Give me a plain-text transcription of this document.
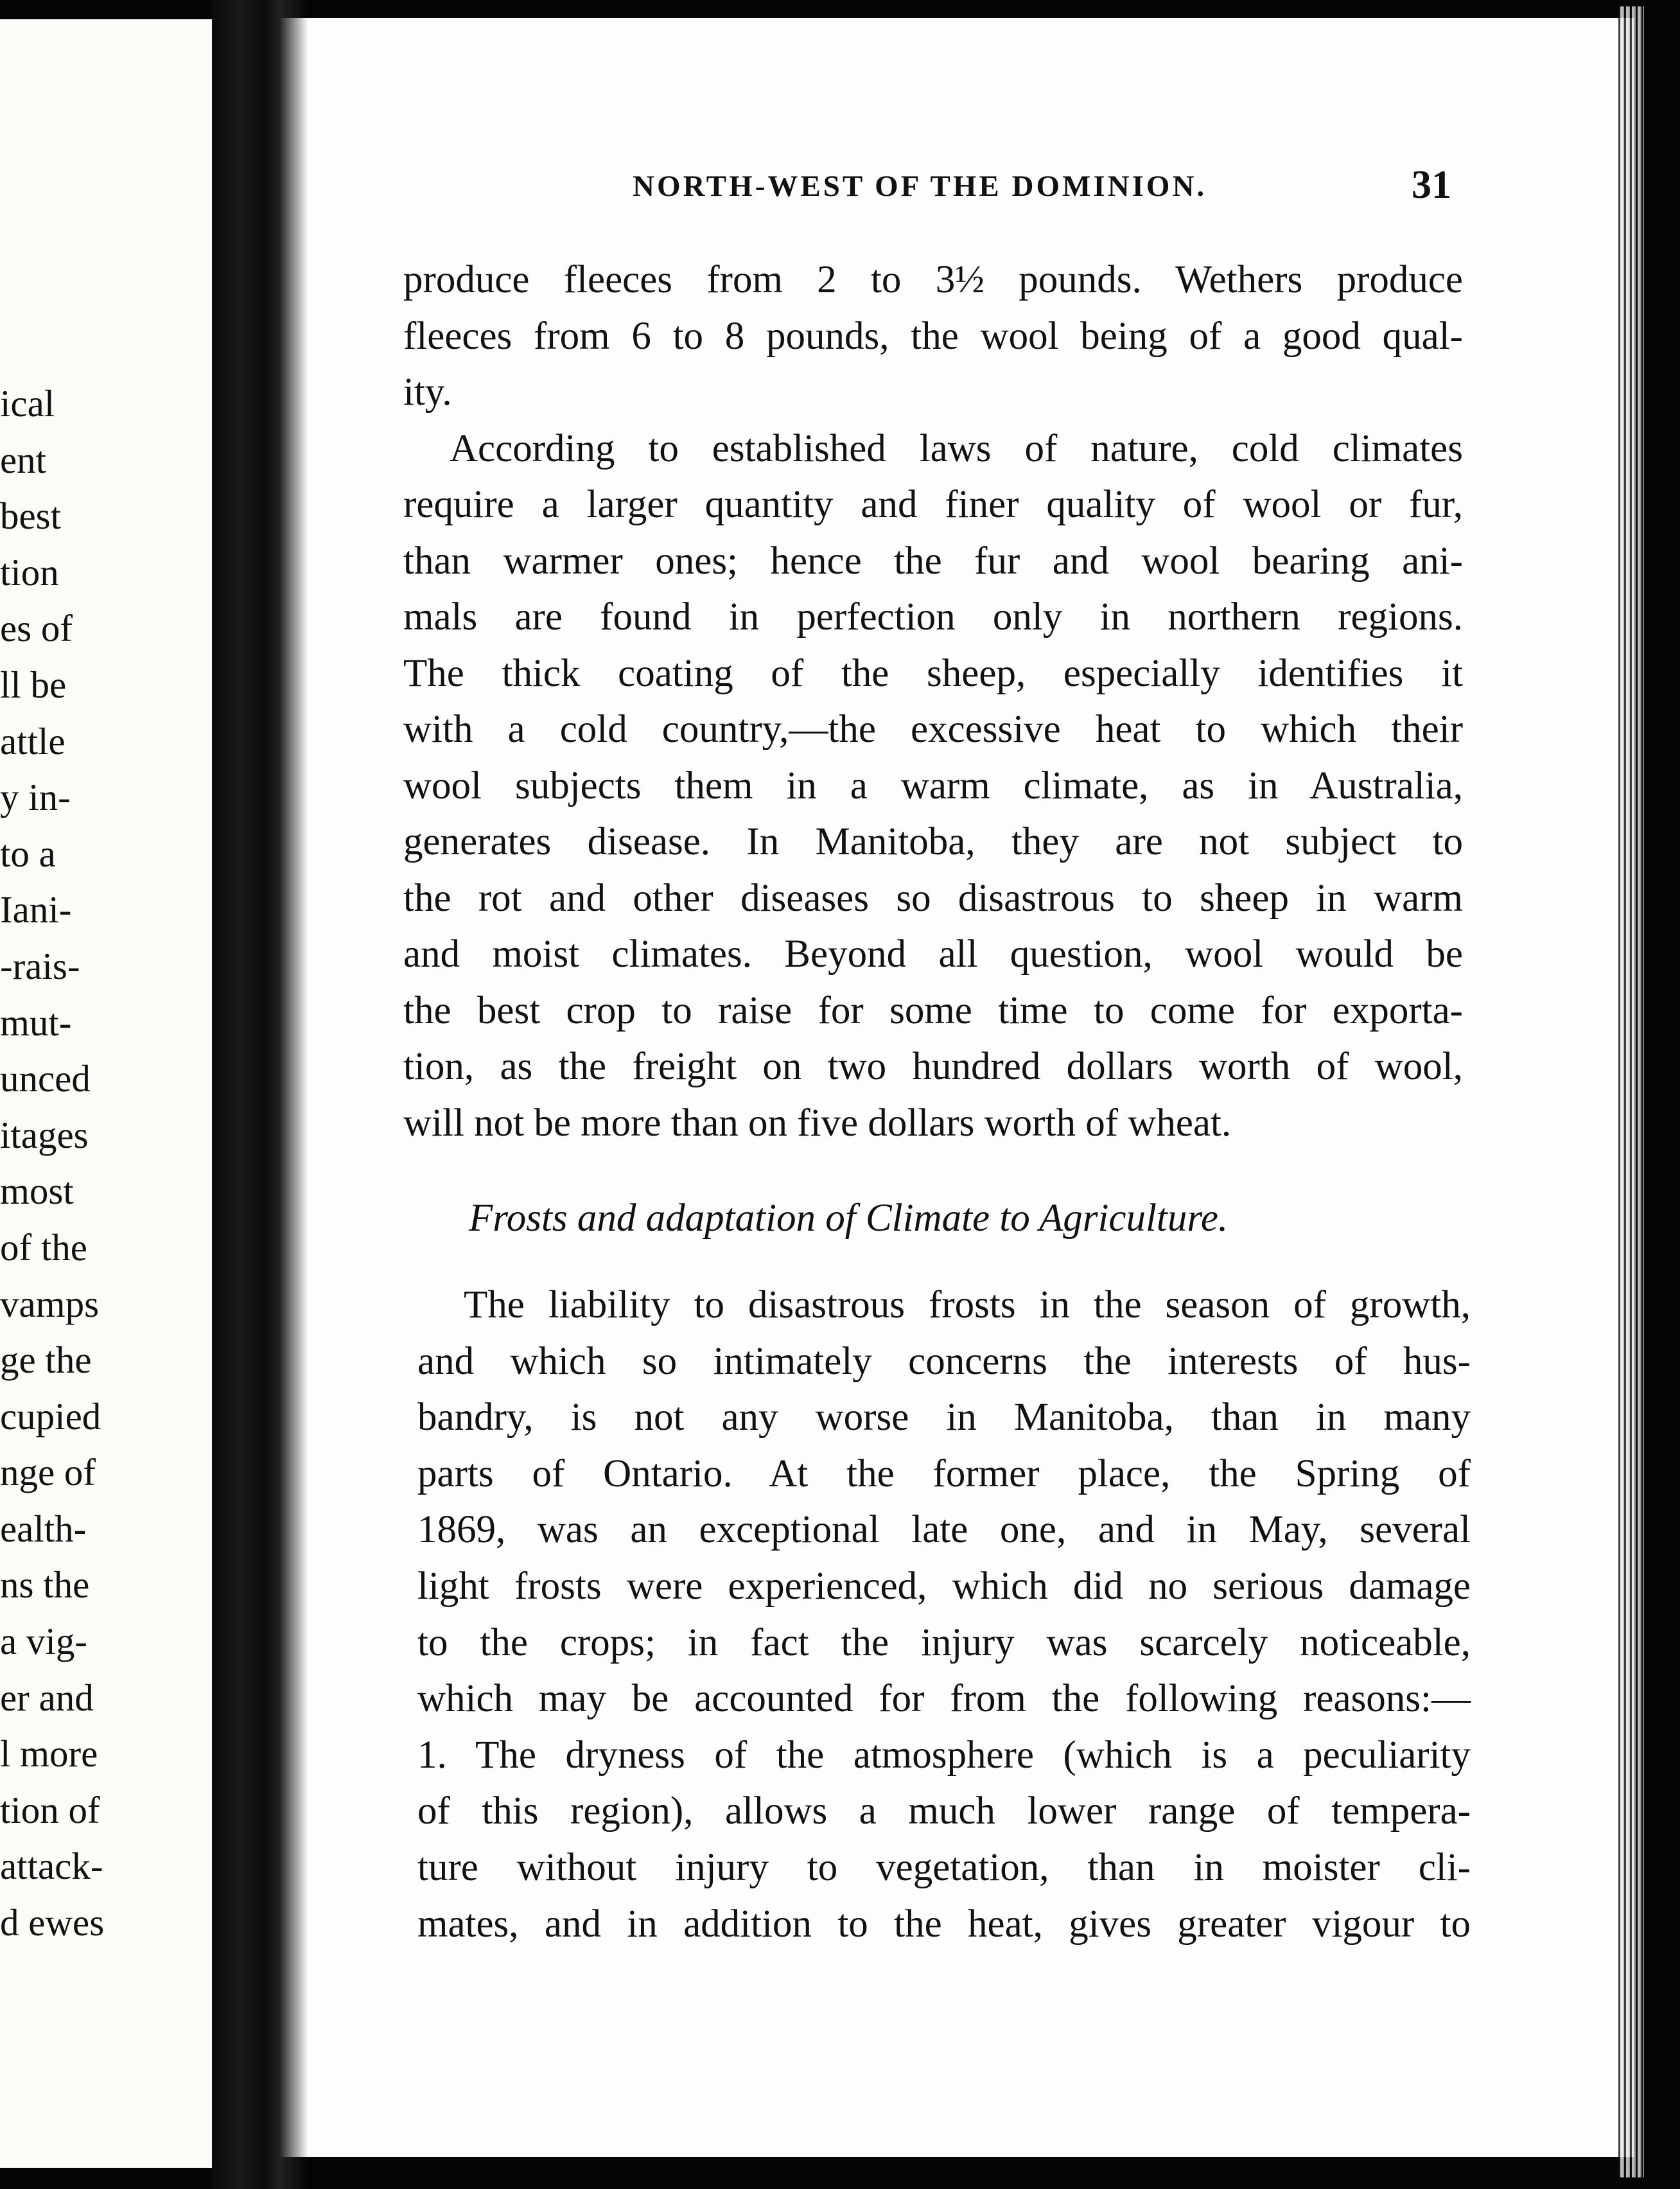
ical
ent
best
tion
es of
ll be
attle
y in-
to a
Iani-
-rais-
mut-
unced
itages
most
of the
vamps
ge the
cupied
nge of
ealth-
ns the
a vig-
er and
l more
tion of
attack-
d ewes
NORTH-WEST OF THE DOMINION.	31
produce fleeces from 2 to 3½ pounds. Wethers produce
fleeces from 6 to 8 pounds, the wool being of a good qual-
ity.
According to established laws of nature, cold climates
require a larger quantity and finer quality of wool or fur,
than warmer ones; hence the fur and wool bearing ani-
mals are found in perfection only in northern regions.
The thick coating of the sheep, especially identifies it
with a cold country,—the excessive heat to which their
wool subjects them in a warm climate, as in Australia,
generates disease. In Manitoba, they are not subject to
the rot and other diseases so disastrous to sheep in warm
and moist climates. Beyond all question, wool would be
the best crop to raise for some time to come for exporta-
tion, as the freight on two hundred dollars worth of wool,
will not be more than on five dollars worth of wheat.
Frosts and adaptation of Climate to Agriculture.
The liability to disastrous frosts in the season of growth,
and which so intimately concerns the interests of hus-
bandry, is not any worse in Manitoba, than in many
parts of Ontario. At the former place, the Spring of
1869, was an exceptional late one, and in May, several
light frosts were experienced, which did no serious damage
to the crops; in fact the injury was scarcely noticeable,
which may be accounted for from the following reasons:—
1. The dryness of the atmosphere (which is a peculiarity
of this region), allows a much lower range of tempera-
ture without injury to vegetation, than in moister cli-
mates, and in addition to the heat, gives greater vigour to
